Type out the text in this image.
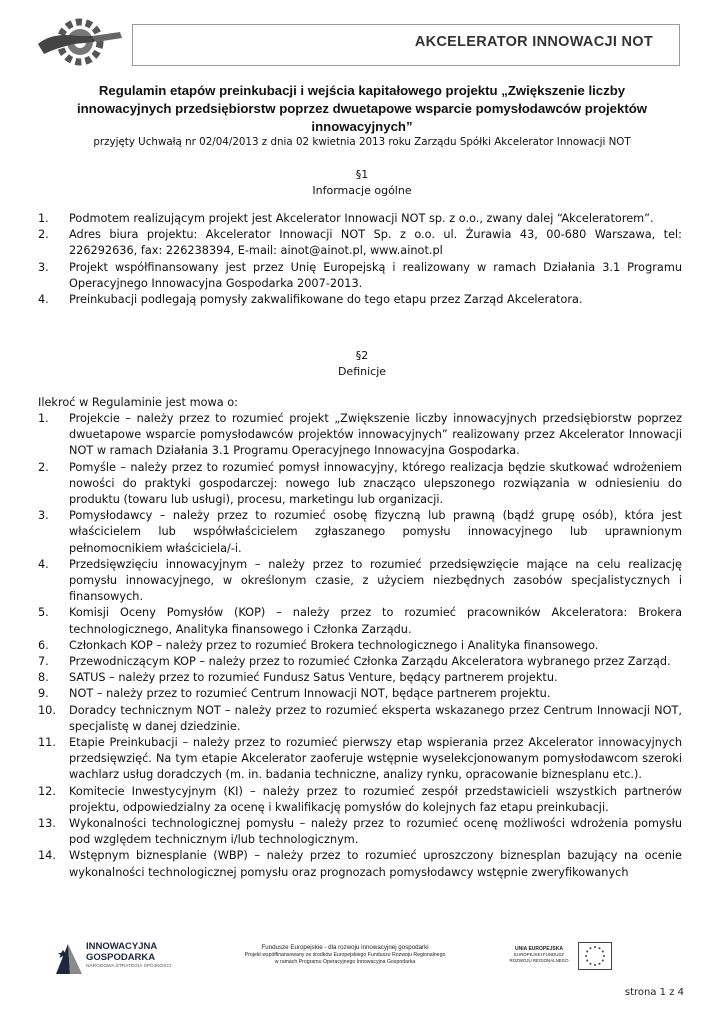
AKCELERATOR INNOWACJI NOT
Regulamin etapów preinkubacji i wejścia kapitałowego projektu „Zwiększenie liczby
innowacyjnych przedsiębiorstw poprzez dwuetapowe wsparcie pomysłodawców projektów
innowacyjnych”
przyjęty Uchwałą nr 02/04/2013 z dnia 02 kwietnia 2013 roku Zarządu Spółki Akcelerator Innowacji NOT
§1
Informacje ogólne
1. Podmotem realizującym projekt jest Akcelerator Innowacji NOT sp. z o.o., zwany dalej “Akceleratorem”.
2. Adres biura projektu: Akcelerator Innowacji NOT Sp. z o.o. ul. Żurawia 43, 00-680 Warszawa, tel: 226292636, fax: 226238394, E-mail: ainot@ainot.pl, www.ainot.pl
3. Projekt współfinansowany jest przez Unię Europejską i realizowany w ramach Działania 3.1 Programu Operacyjnego Innowacyjna Gospodarka 2007-2013.
4. Preinkubacji podlegają pomysły zakwalifikowane do tego etapu przez Zarząd Akceleratora.
§2
Definicje
Ilekroć w Regulaminie jest mowa o:
1. Projekcie – należy przez to rozumieć projekt „Zwiększenie liczby innowacyjnych przedsiębiorstw poprzez dwuetapowe wsparcie pomysłodawców projektów innowacyjnych” realizowany przez Akcelerator Innowacji NOT w ramach Działania 3.1 Programu Operacyjnego Innowacyjna Gospodarka.
2. Pomyśle – należy przez to rozumieć pomysł innowacyjny, którego realizacja będzie skutkować wdrożeniem nowości do praktyki gospodarczej: nowego lub znacząco ulepszonego rozwiązania w odniesieniu do produktu (towaru lub usługi), procesu, marketingu lub organizacji.
3. Pomysłodawcy – należy przez to rozumieć osobę fizyczną lub prawną (bądź grupę osób), która jest właścicielem lub współwłaścicielem zgłaszanego pomysłu innowacyjnego lub uprawnionym pełnomocnikiem właściciela/-i.
4. Przedsięwzięciu innowacyjnym – należy przez to rozumieć przedsięwzięcie mające na celu realizację pomysłu innowacyjnego, w określonym czasie, z użyciem niezbędnych zasobów specjalistycznych i finansowych.
5. Komisji Oceny Pomysłów (KOP) – należy przez to rozumieć pracowników Akceleratora: Brokera technologicznego, Analityka finansowego i Członka Zarządu.
6. Członkach KOP – należy przez to rozumieć Brokera technologicznego i Analityka finansowego.
7. Przewodniczącym KOP – należy przez to rozumieć Członka Zarządu Akceleratora wybranego przez Zarząd.
8. SATUS – należy przez to rozumieć Fundusz Satus Venture, będący partnerem projektu.
9. NOT – należy przez to rozumieć Centrum Innowacji NOT, będące partnerem projektu.
10. Doradcy technicznym NOT – należy przez to rozumieć eksperta wskazanego przez Centrum Innowacji NOT, specjalistę w danej dziedzinie.
11. Etapie Preinkubacji – należy przez to rozumieć pierwszy etap wspierania przez Akcelerator innowacyjnych przedsięwzięć. Na tym etapie Akcelerator zaoferuje wstępnie wyselekcjonowanym pomysłodawcom szeroki wachlarz usług doradczych (m. in. badania techniczne, analizy rynku, opracowanie biznesplanu etc.).
12. Komitecie Inwestycyjnym (KI) – należy przez to rozumieć zespół przedstawicieli wszystkich partnerów projektu, odpowiedzialny za ocenę i kwalifikację pomysłów do kolejnych faz etapu preinkubacji.
13. Wykonalności technologicznej pomysłu – należy przez to rozumieć ocenę możliwości wdrożenia pomysłu pod względem technicznym i/lub technologicznym.
14. Wstępnym biznesplanie (WBP) – należy przez to rozumieć uproszczony biznesplan bazujący na ocenie wykonalności technologicznej pomysłu oraz prognozach pomysłodawcy wstępnie zweryfikowanych
INNOWACYJNA
GOSPODARKA
NARODOWA STRATEGIA SPÓJNOŚCI
Fundusze Europejskie - dla rozwoju innowacyjnej gospodarki
Projekt współfinansowany ze środków Europejskiego Funduszu Rozwoju Regionalnego
w ramach Programu Operacyjnego Innowacyjna Gospodarka
UNIA EUROPEJSKA
EUROPEJSKI FUNDUSZ
ROZWOJU REGIONALNEGO
strona 1 z 4
